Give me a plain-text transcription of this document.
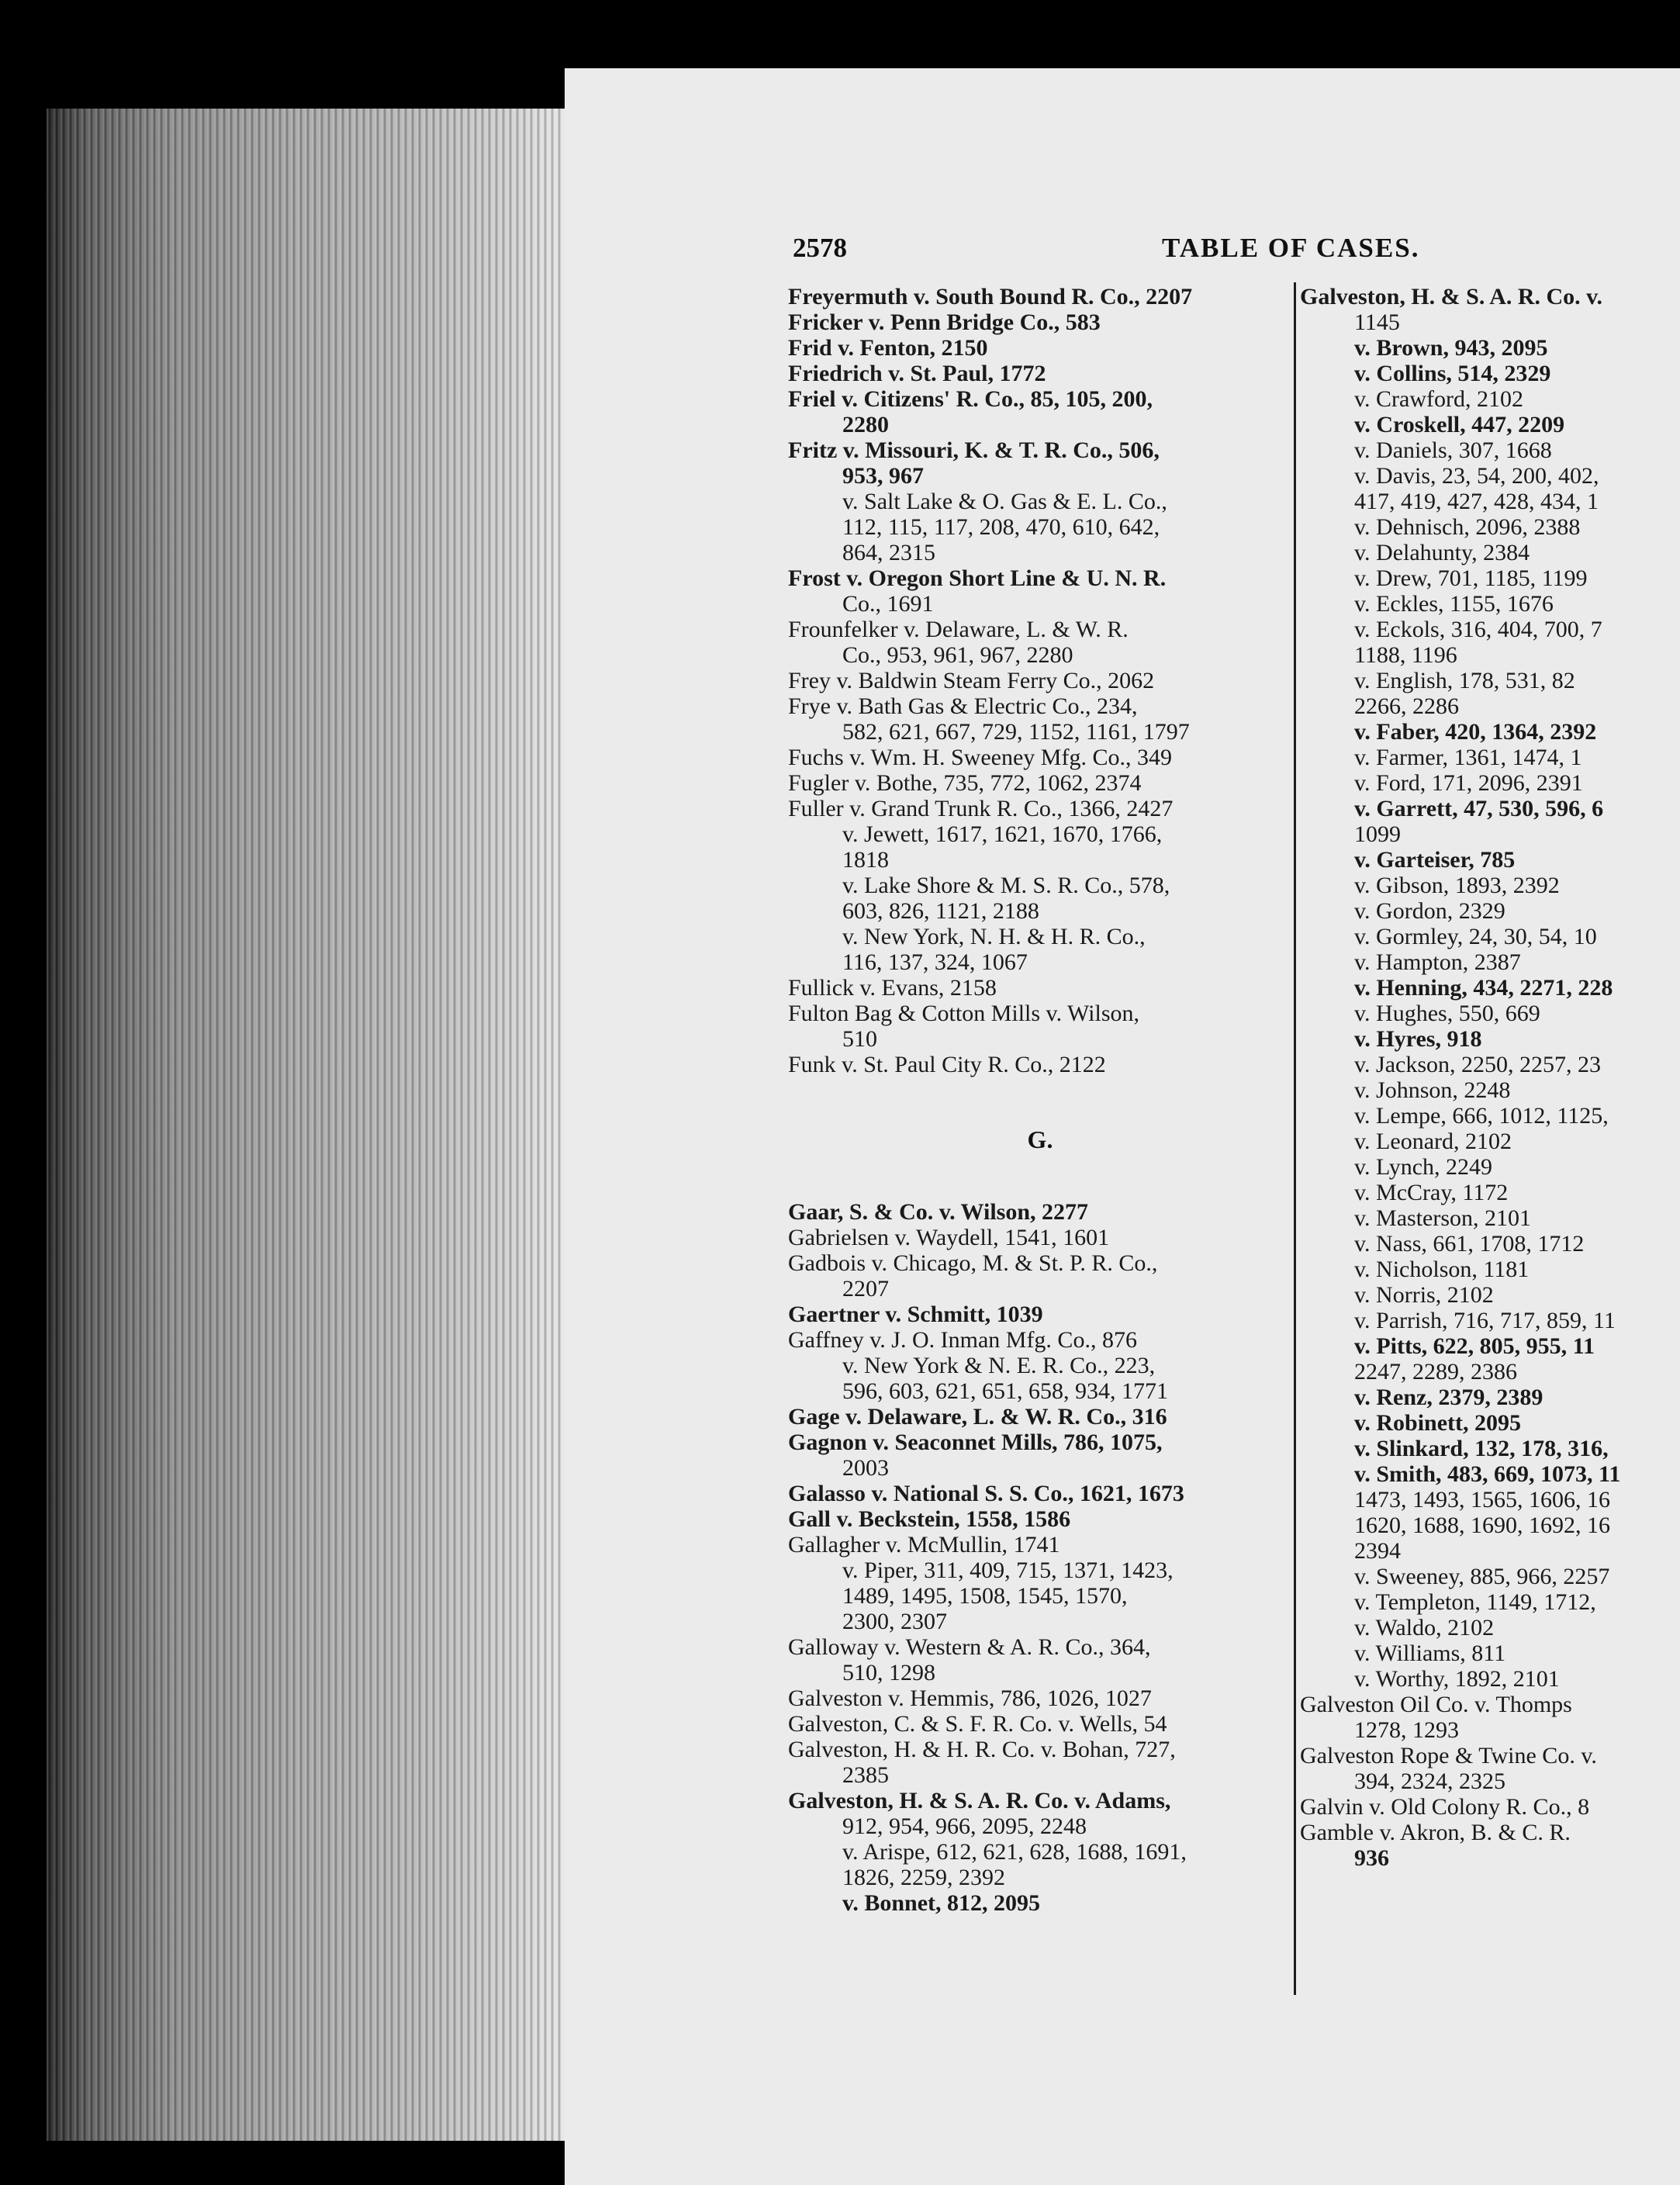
2578	TABLE OF CASES.
Freyermuth v. South Bound R. Co., 2207
Fricker v. Penn Bridge Co., 583
Frid v. Fenton, 2150
Friedrich v. St. Paul, 1772
Friel v. Citizens' R. Co., 85, 105, 200,
2280
Fritz v. Missouri, K. & T. R. Co., 506,
953, 967
v. Salt Lake & O. Gas & E. L. Co.,
112, 115, 117, 208, 470, 610, 642,
864, 2315
Frost v. Oregon Short Line & U. N. R.
Co., 1691
Frounfelker v. Delaware, L. & W. R.
Co., 953, 961, 967, 2280
Frey v. Baldwin Steam Ferry Co., 2062
Frye v. Bath Gas & Electric Co., 234,
582, 621, 667, 729, 1152, 1161, 1797
Fuchs v. Wm. H. Sweeney Mfg. Co., 349
Fugler v. Bothe, 735, 772, 1062, 2374
Fuller v. Grand Trunk R. Co., 1366, 2427
v. Jewett, 1617, 1621, 1670, 1766,
1818
v. Lake Shore & M. S. R. Co., 578,
603, 826, 1121, 2188
v. New York, N. H. & H. R. Co.,
116, 137, 324, 1067
Fullick v. Evans, 2158
Fulton Bag & Cotton Mills v. Wilson,
510
Funk v. St. Paul City R. Co., 2122
G.
Gaar, S. & Co. v. Wilson, 2277
Gabrielsen v. Waydell, 1541, 1601
Gadbois v. Chicago, M. & St. P. R. Co.,
2207
Gaertner v. Schmitt, 1039
Gaffney v. J. O. Inman Mfg. Co., 876
v. New York & N. E. R. Co., 223,
596, 603, 621, 651, 658, 934, 1771
Gage v. Delaware, L. & W. R. Co., 316
Gagnon v. Seaconnet Mills, 786, 1075,
2003
Galasso v. National S. S. Co., 1621, 1673
Gall v. Beckstein, 1558, 1586
Gallagher v. McMullin, 1741
v. Piper, 311, 409, 715, 1371, 1423,
1489, 1495, 1508, 1545, 1570,
2300, 2307
Galloway v. Western & A. R. Co., 364,
510, 1298
Galveston v. Hemmis, 786, 1026, 1027
Galveston, C. & S. F. R. Co. v. Wells, 54
Galveston, H. & H. R. Co. v. Bohan, 727,
2385
Galveston, H. & S. A. R. Co. v. Adams,
912, 954, 966, 2095, 2248
v. Arispe, 612, 621, 628, 1688, 1691,
1826, 2259, 2392
v. Bonnet, 812, 2095
Galveston, H. & S. A. R. Co. v.
1145
v. Brown, 943, 2095
v. Collins, 514, 2329
v. Crawford, 2102
v. Croskell, 447, 2209
v. Daniels, 307, 1668
v. Davis, 23, 54, 200, 402,
417, 419, 427, 428, 434, 1
v. Dehnisch, 2096, 2388
v. Delahunty, 2384
v. Drew, 701, 1185, 1199
v. Eckles, 1155, 1676
v. Eckols, 316, 404, 700, 7
1188, 1196
v. English, 178, 531, 82
2266, 2286
v. Faber, 420, 1364, 2392
v. Farmer, 1361, 1474, 1
v. Ford, 171, 2096, 2391
v. Garrett, 47, 530, 596, 6
1099
v. Garteiser, 785
v. Gibson, 1893, 2392
v. Gordon, 2329
v. Gormley, 24, 30, 54, 10
v. Hampton, 2387
v. Henning, 434, 2271, 228
v. Hughes, 550, 669
v. Hyres, 918
v. Jackson, 2250, 2257, 23
v. Johnson, 2248
v. Lempe, 666, 1012, 1125,
v. Leonard, 2102
v. Lynch, 2249
v. McCray, 1172
v. Masterson, 2101
v. Nass, 661, 1708, 1712
v. Nicholson, 1181
v. Norris, 2102
v. Parrish, 716, 717, 859, 11
v. Pitts, 622, 805, 955, 11
2247, 2289, 2386
v. Renz, 2379, 2389
v. Robinett, 2095
v. Slinkard, 132, 178, 316,
v. Smith, 483, 669, 1073, 11
1473, 1493, 1565, 1606, 16
1620, 1688, 1690, 1692, 16
2394
v. Sweeney, 885, 966, 2257
v. Templeton, 1149, 1712,
v. Waldo, 2102
v. Williams, 811
v. Worthy, 1892, 2101
Galveston Oil Co. v. Thomps
1278, 1293
Galveston Rope & Twine Co. v.
394, 2324, 2325
Galvin v. Old Colony R. Co., 8
Gamble v. Akron, B. & C. R.
936
